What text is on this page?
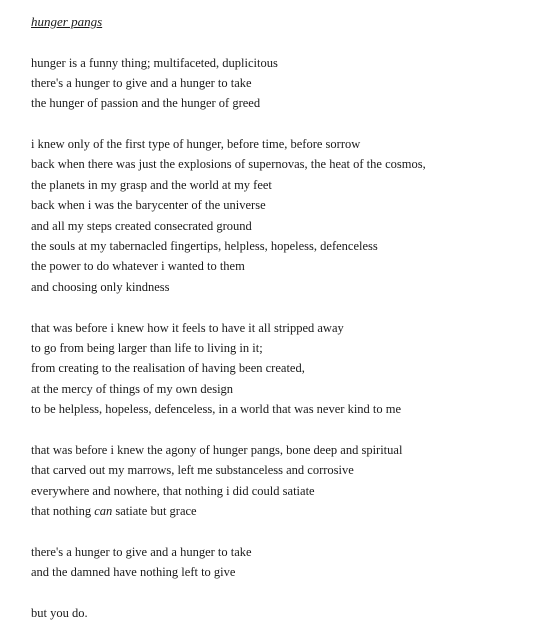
hunger pangs

hunger is a funny thing; multifaceted, duplicitous

there's a hunger to give and a hunger to take

the hunger of passion and the hunger of greed

i knew only of the first type of hunger, before time, before sorrow

back when there was just the explosions of supernovas, the heat of the cosmos,

the planets in my grasp and the world at my feet

back when i was the barycenter of the universe

and all my steps created consecrated ground

the souls at my tabernacled fingertips, helpless, hopeless, defenceless

the power to do whatever i wanted to them

and choosing only kindness

that was before i knew how it feels to have it all stripped away

to go from being larger than life to living in it;

from creating to the realisation of having been created,

at the mercy of things of my own design

to be helpless, hopeless, defenceless, in a world that was never kind to me

that was before i knew the agony of hunger pangs, bone deep and spiritual

that carved out my marrows, left me substanceless and corrosive

everywhere and nowhere, that nothing i did could satiate

that nothing can satiate but grace

there's a hunger to give and a hunger to take

and the damned have nothing left to give

but you do.
